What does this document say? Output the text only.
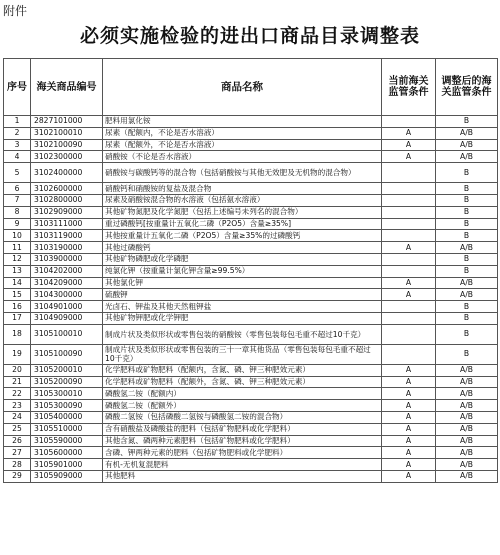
附件
必须实施检验的进出口商品目录调整表
序号	海关商品编号	商品名称	当前海关监管条件	调整后的海关监管条件
1	2827101000	肥料用氯化铵		B
2	3102100010	尿素（配额内，不论是否水溶液）	A	A/B
3	3102100090	尿素（配额外，不论是否水溶液）	A	A/B
4	3102300000	硝酸铵（不论是否水溶液）	A	A/B
5	3102400000	硝酸铵与碳酸钙等的混合物（包括硝酸铵与其他无效肥及无机物的混合物）		B
6	3102600000	硝酸钙和硝酸铵的复盐及混合物		B
7	3102800000	尿素及硝酸铵混合物的水溶液（包括氨水溶液）		B
8	3102909000	其他矿物氮肥及化学氮肥（包括上述编号未列名的混合物）		B
9	3103111000	重过磷酸钙[按重量计五氧化二磷（P2O5）含量≥35%]		B
10	3103119000	其他按重量计五氧化二磷（P2O5）含量≥35%的过磷酸钙		B
11	3103190000	其他过磷酸钙	A	A/B
12	3103900000	其他矿物磷肥或化学磷肥		B
13	3104202000	纯氯化钾（按重量计氯化钾含量≥99.5%）		B
14	3104209000	其他氯化钾	A	A/B
15	3104300000	硫酸钾	A	A/B
16	3104901000	光卤石、钾盐及其他天然粗钾盐		B
17	3104909000	其他矿物钾肥或化学钾肥		B
18	3105100010	制成片状及类似形状或零售包装的硝酸铵（零售包装每包毛重不超过10千克）		B
19	3105100090	制成片状及类似形状或零售包装的三十一章其他货品（零售包装每包毛重不超过10千克）		B
20	3105200010	化学肥料或矿物肥料（配额内，含氮、磷、钾三种肥效元素）	A	A/B
21	3105200090	化学肥料或矿物肥料（配额外，含氮、磷、钾三种肥效元素）	A	A/B
22	3105300010	磷酸氢二铵（配额内）	A	A/B
23	3105300090	磷酸氢二铵（配额外）	A	A/B
24	3105400000	磷酸二氢铵（包括磷酸二氢铵与磷酸氢二铵的混合物）	A	A/B
25	3105510000	含有硝酸盐及磷酸盐的肥料（包括矿物肥料或化学肥料）	A	A/B
26	3105590000	其他含氮、磷两种元素肥料（包括矿物肥料或化学肥料）	A	A/B
27	3105600000	含磷、钾两种元素的肥料（包括矿物肥料或化学肥料）	A	A/B
28	3105901000	有机-无机复混肥料	A	A/B
29	3105909000	其他肥料	A	A/B
